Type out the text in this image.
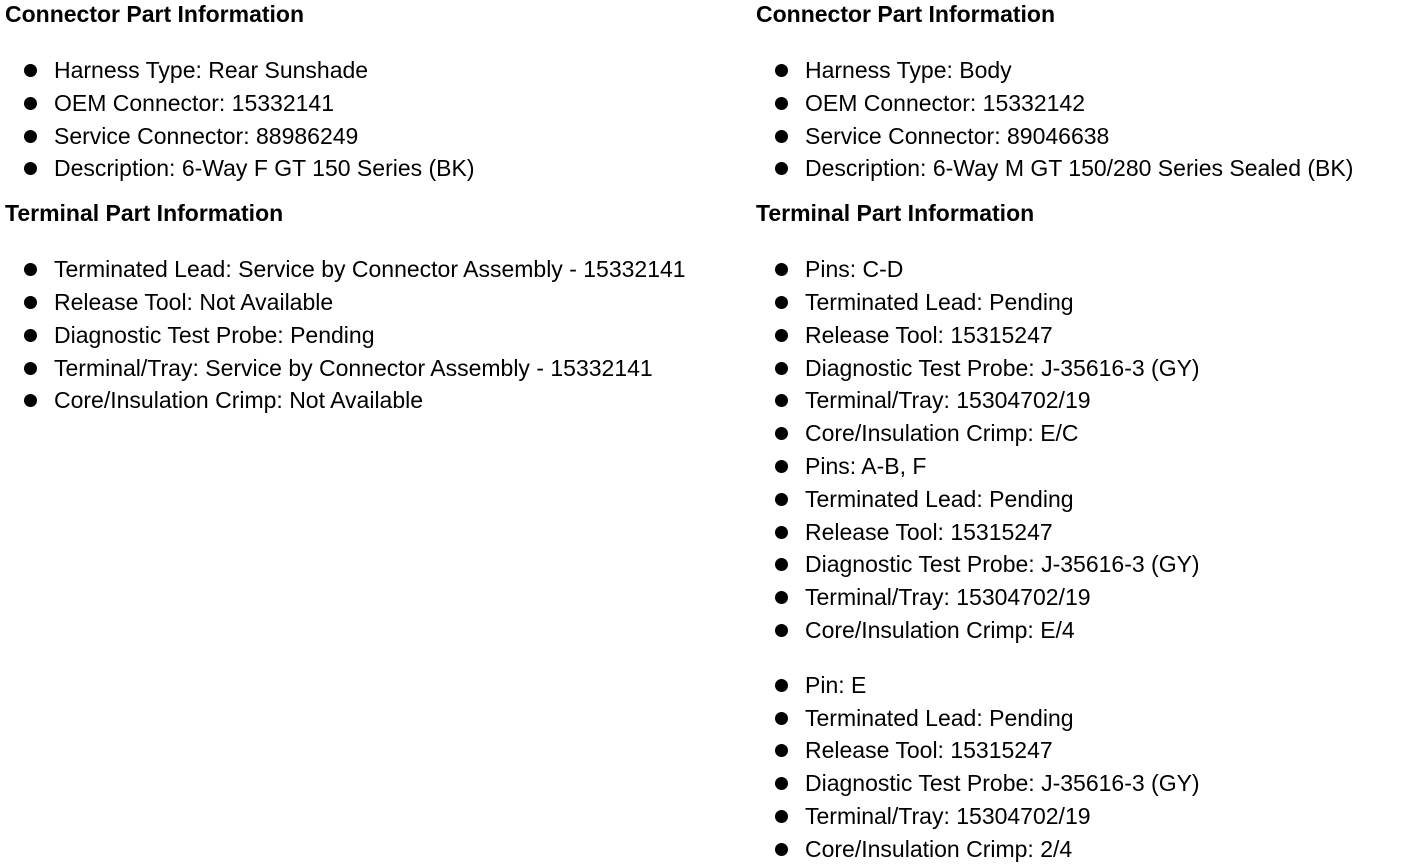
Connector Part Information
Harness Type: Rear Sunshade
OEM Connector: 15332141
Service Connector: 88986249
Description: 6-Way F GT 150 Series (BK)
Terminal Part Information
Terminated Lead: Service by Connector Assembly - 15332141
Release Tool: Not Available
Diagnostic Test Probe: Pending
Terminal/Tray: Service by Connector Assembly - 15332141
Core/Insulation Crimp: Not Available
Connector Part Information
Harness Type: Body
OEM Connector: 15332142
Service Connector: 89046638
Description: 6-Way M GT 150/280 Series Sealed (BK)
Terminal Part Information
Pins: C-D
Terminated Lead: Pending
Release Tool: 15315247
Diagnostic Test Probe: J-35616-3 (GY)
Terminal/Tray: 15304702/19
Core/Insulation Crimp: E/C
Pins: A-B, F
Terminated Lead: Pending
Release Tool: 15315247
Diagnostic Test Probe: J-35616-3 (GY)
Terminal/Tray: 15304702/19
Core/Insulation Crimp: E/4
Pin: E
Terminated Lead: Pending
Release Tool: 15315247
Diagnostic Test Probe: J-35616-3 (GY)
Terminal/Tray: 15304702/19
Core/Insulation Crimp: 2/4
